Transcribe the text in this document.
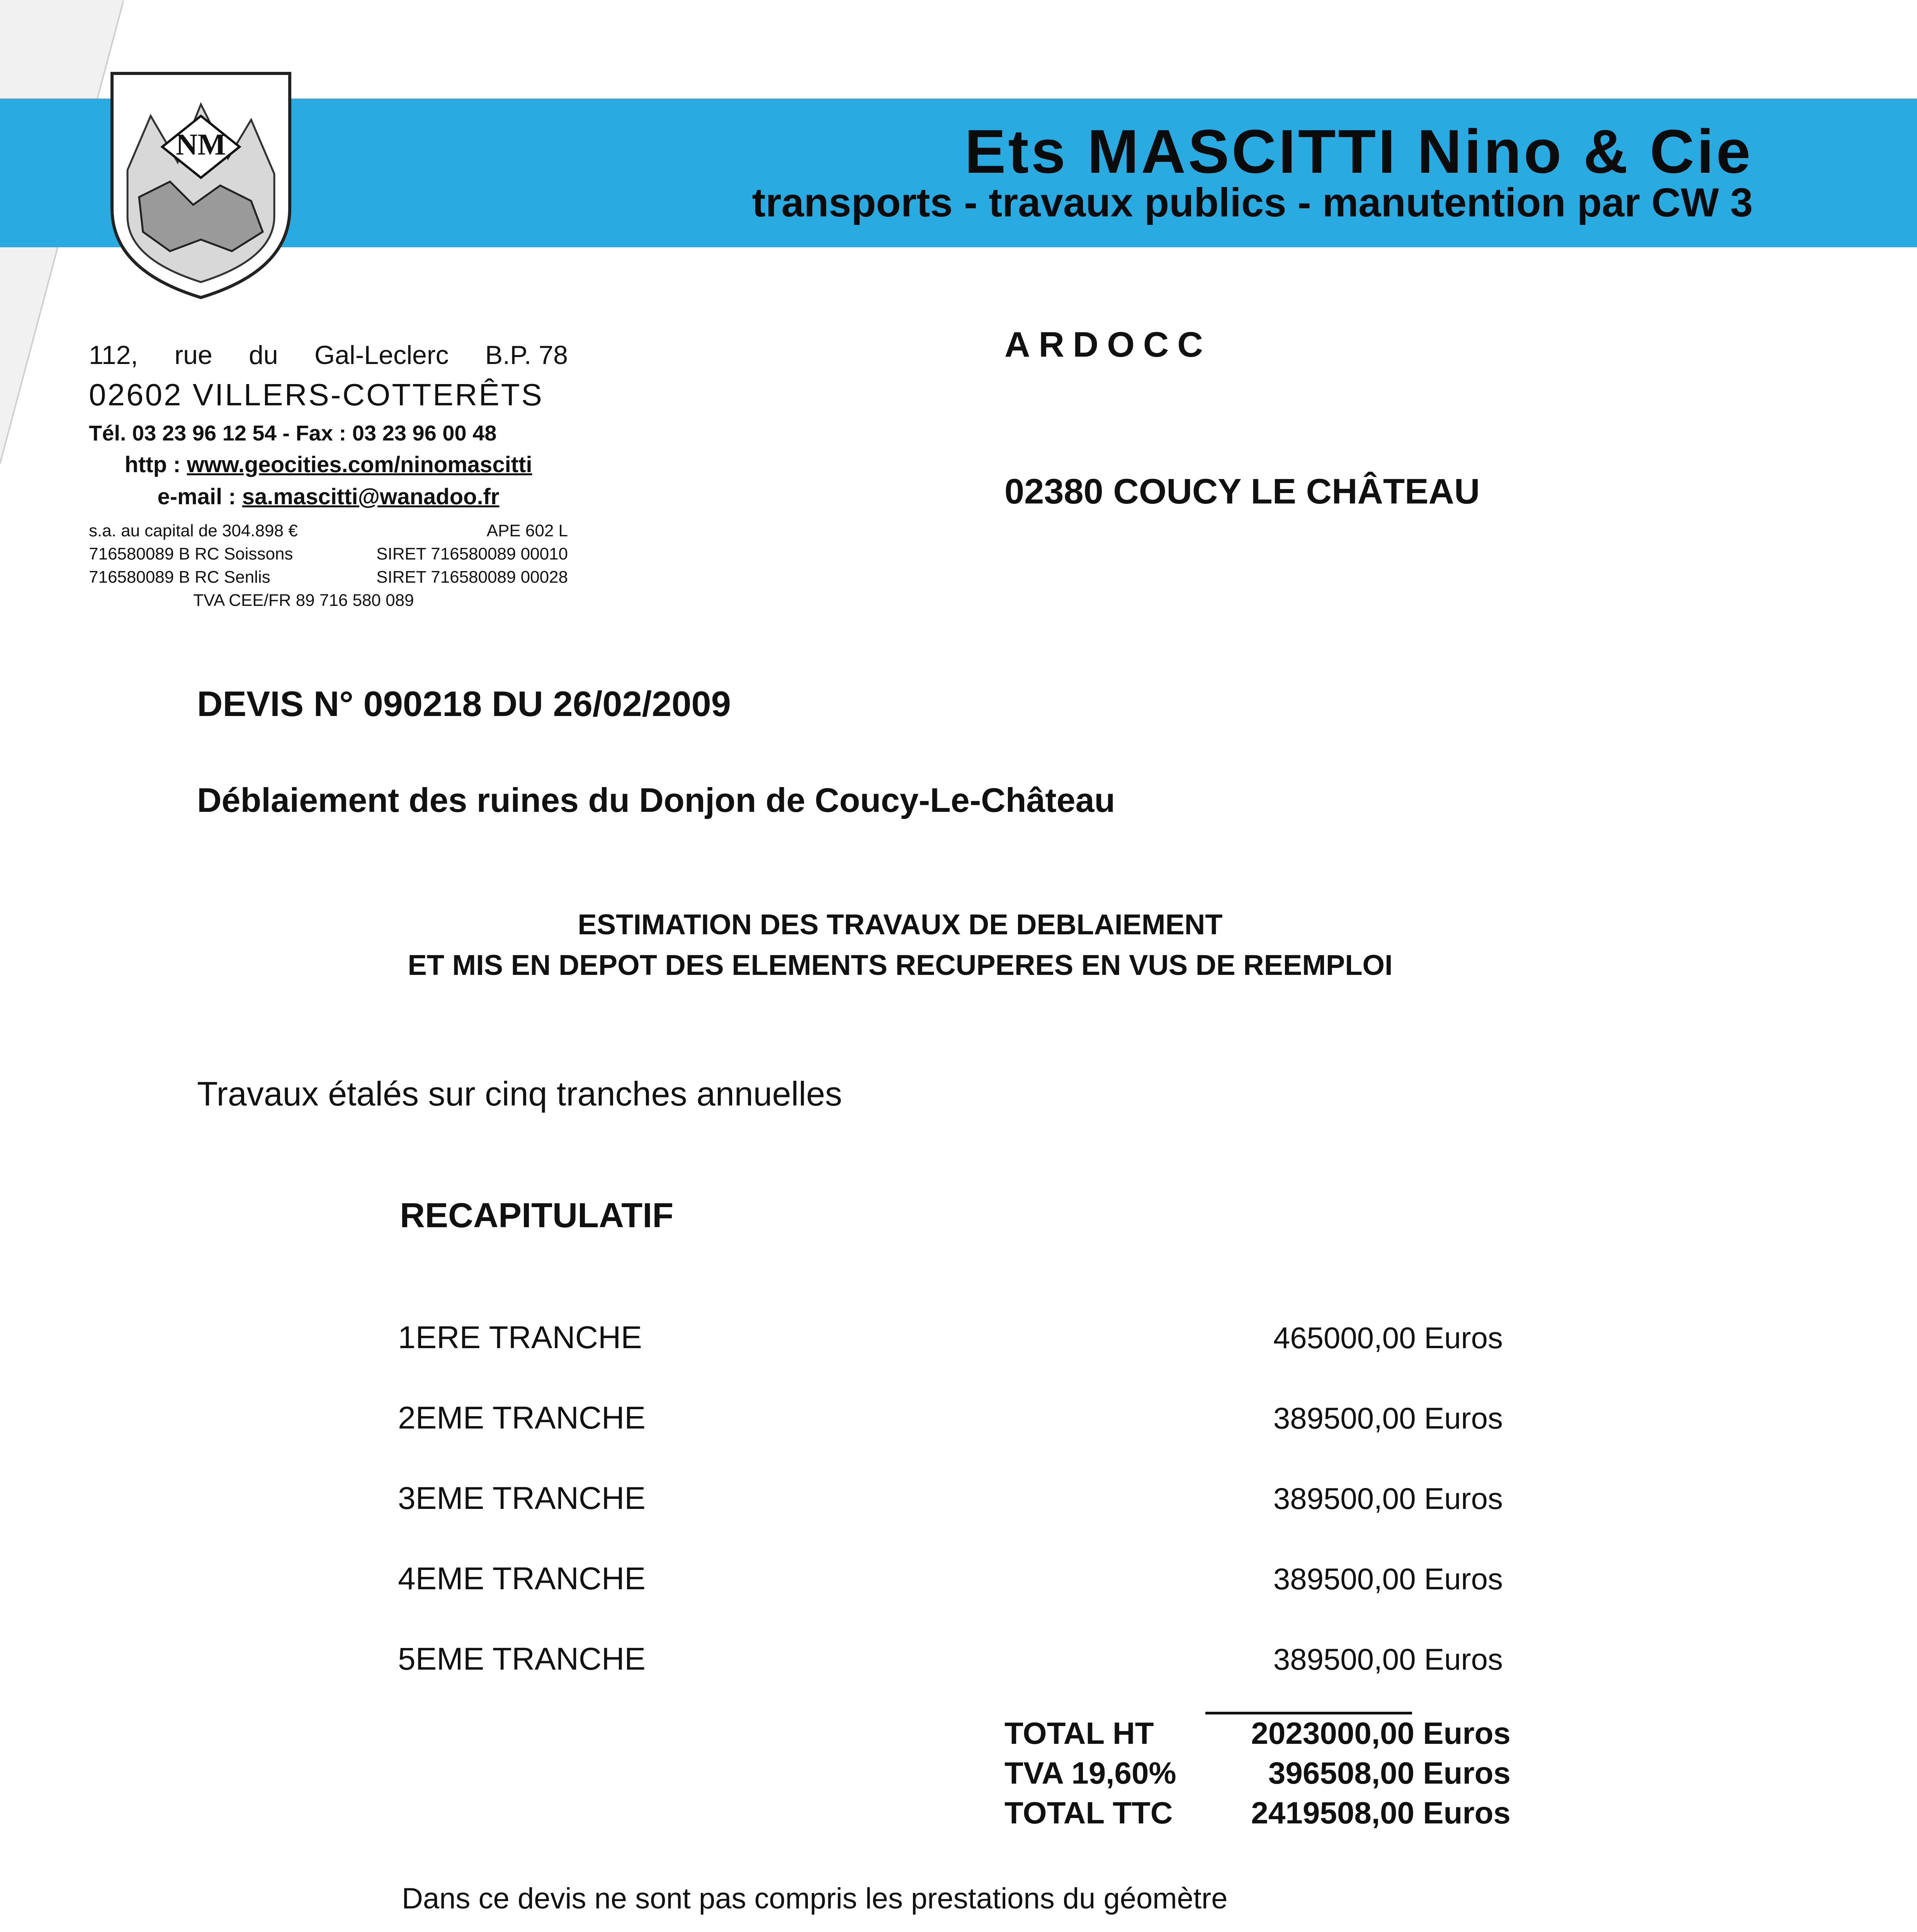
Ets MASCITTI Nino & Cie
transports - travaux publics - manutention par CW 3
NM
112, rue du Gal-Leclerc B.P. 78
02602 VILLERS-COTTERÊTS
Tél. 03 23 96 12 54 - Fax : 03 23 96 00 48
http : www.geocities.com/ninomascitti
e-mail : sa.mascitti@wanadoo.fr
s.a. au capital de 304.898 €	APE 602 L
716580089 B RC Soissons	SIRET 716580089 00010
716580089 B RC Senlis	SIRET 716580089 00028
TVA CEE/FR 89 716 580 089
ARDOCC
02380 COUCY LE CHÂTEAU
DEVIS N° 090218 DU 26/02/2009
Déblaiement des ruines du Donjon de Coucy-Le-Château
ESTIMATION DES TRAVAUX DE DEBLAIEMENT
ET MIS EN DEPOT DES ELEMENTS RECUPERES EN VUS DE REEMPLOI
Travaux étalés sur cinq tranches annuelles
RECAPITULATIF
1ERE TRANCHE	465000,00 Euros
2EME TRANCHE	389500,00 Euros
3EME TRANCHE	389500,00 Euros
4EME TRANCHE	389500,00 Euros
5EME TRANCHE	389500,00 Euros
TOTAL HT	2023000,00 Euros
TVA 19,60%	396508,00 Euros
TOTAL TTC	2419508,00 Euros
Dans ce devis ne sont pas compris les prestations du géomètre
